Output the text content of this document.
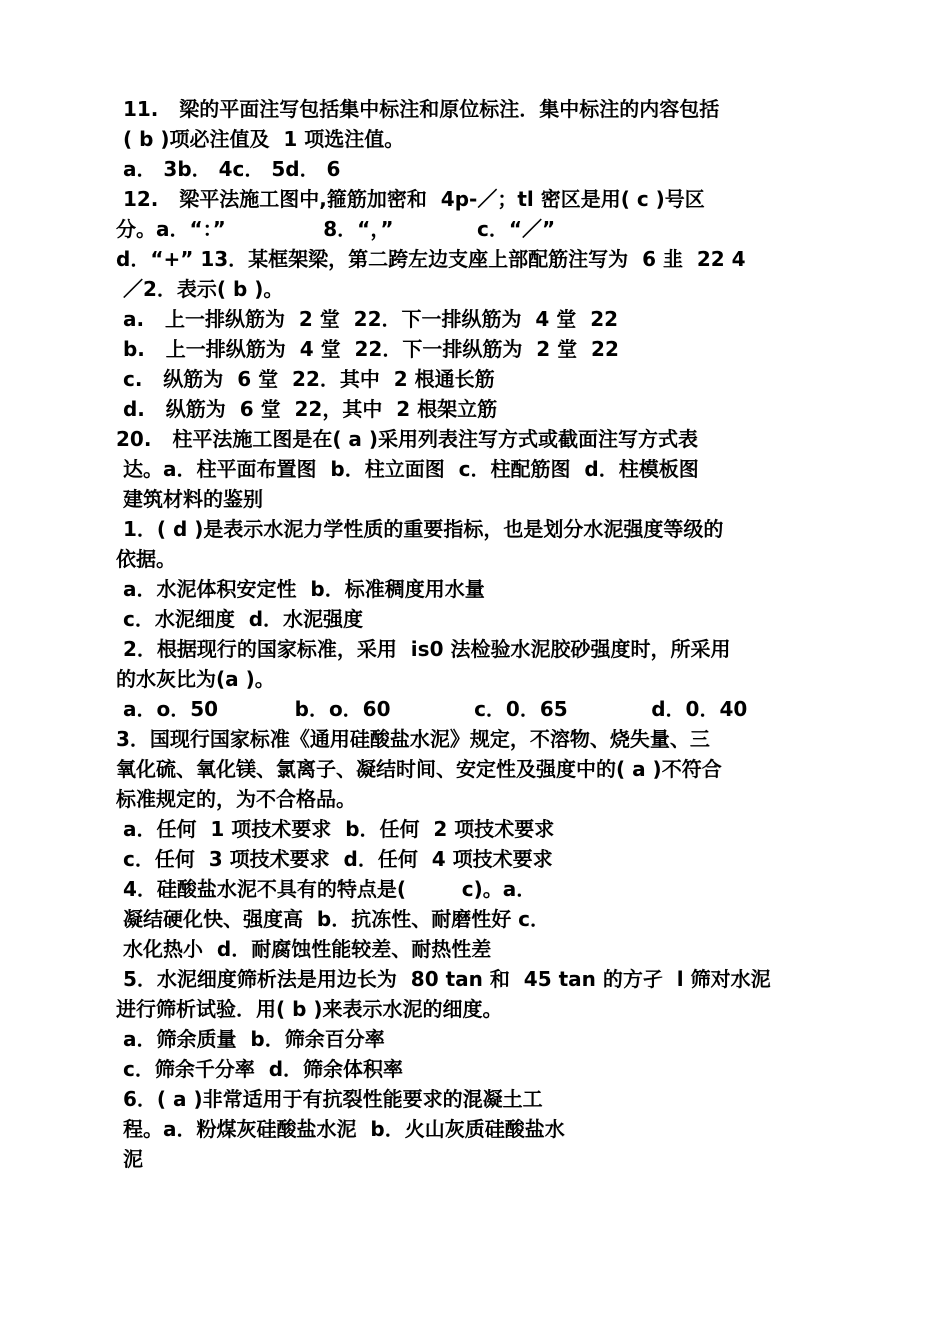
11.   梁的平面注写包括集中标注和原位标注．集中标注的内容包括
( b )项必注值及  1 项选注值。
a． 3b． 4c． 5d． 6
12.   梁平法施工图中,箍筋加密和  4p-／；tl 密区是用( c )号区
分。a．“：”              8．“，”            c．“／”
d．“+” 13．某框架梁，第二跨左边支座上部配筋注写为  6 韭  22 4
／2．表示( b )。
a.   上一排纵筋为  2 堂  22．下一排纵筋为  4 堂  22
b.   上一排纵筋为  4 堂  22．下一排纵筋为  2 堂  22
c.   纵筋为  6 堂  22．其中  2 根通长筋
d.   纵筋为  6 堂  22，其中  2 根架立筋
20.   柱平法施工图是在( a )采用列表注写方式或截面注写方式表
达。a．柱平面布置图  b．柱立面图  c．柱配筋图  d．柱模板图
建筑材料的鉴别
1．( d )是表示水泥力学性质的重要指标，也是划分水泥强度等级的
依据。
a．水泥体积安定性  b．标准稠度用水量
c．水泥细度  d．水泥强度
2．根据现行的国家标准，采用  is0 法检验水泥胶砂强度时，所采用
的水灰比为(a )。
a．o．50           b．o．60            c．0．65            d．0．40
3．国现行国家标准《通用硅酸盐水泥》规定，不溶物、烧失量、三
氧化硫、氧化镁、氯离子、凝结时间、安定性及强度中的( a )不符合
标准规定的，为不合格品。
a．任何  1 项技术要求  b．任何  2 项技术要求
c．任何  3 项技术要求  d．任何  4 项技术要求
4．硅酸盐水泥不具有的特点是(        c)。a．
凝结硬化快、强度高  b．抗冻性、耐磨性好 c．
水化热小  d．耐腐蚀性能较差、耐热性差
5．水泥细度筛析法是用边长为  80 tan 和  45 tan 的方孑  l 筛对水泥
进行筛析试验．用( b )来表示水泥的细度。
a．筛余质量  b．筛余百分率
c．筛余千分率  d．筛余体积率
6．( a )非常适用于有抗裂性能要求的混凝土工
程。a．粉煤灰硅酸盐水泥  b．火山灰质硅酸盐水
泥
